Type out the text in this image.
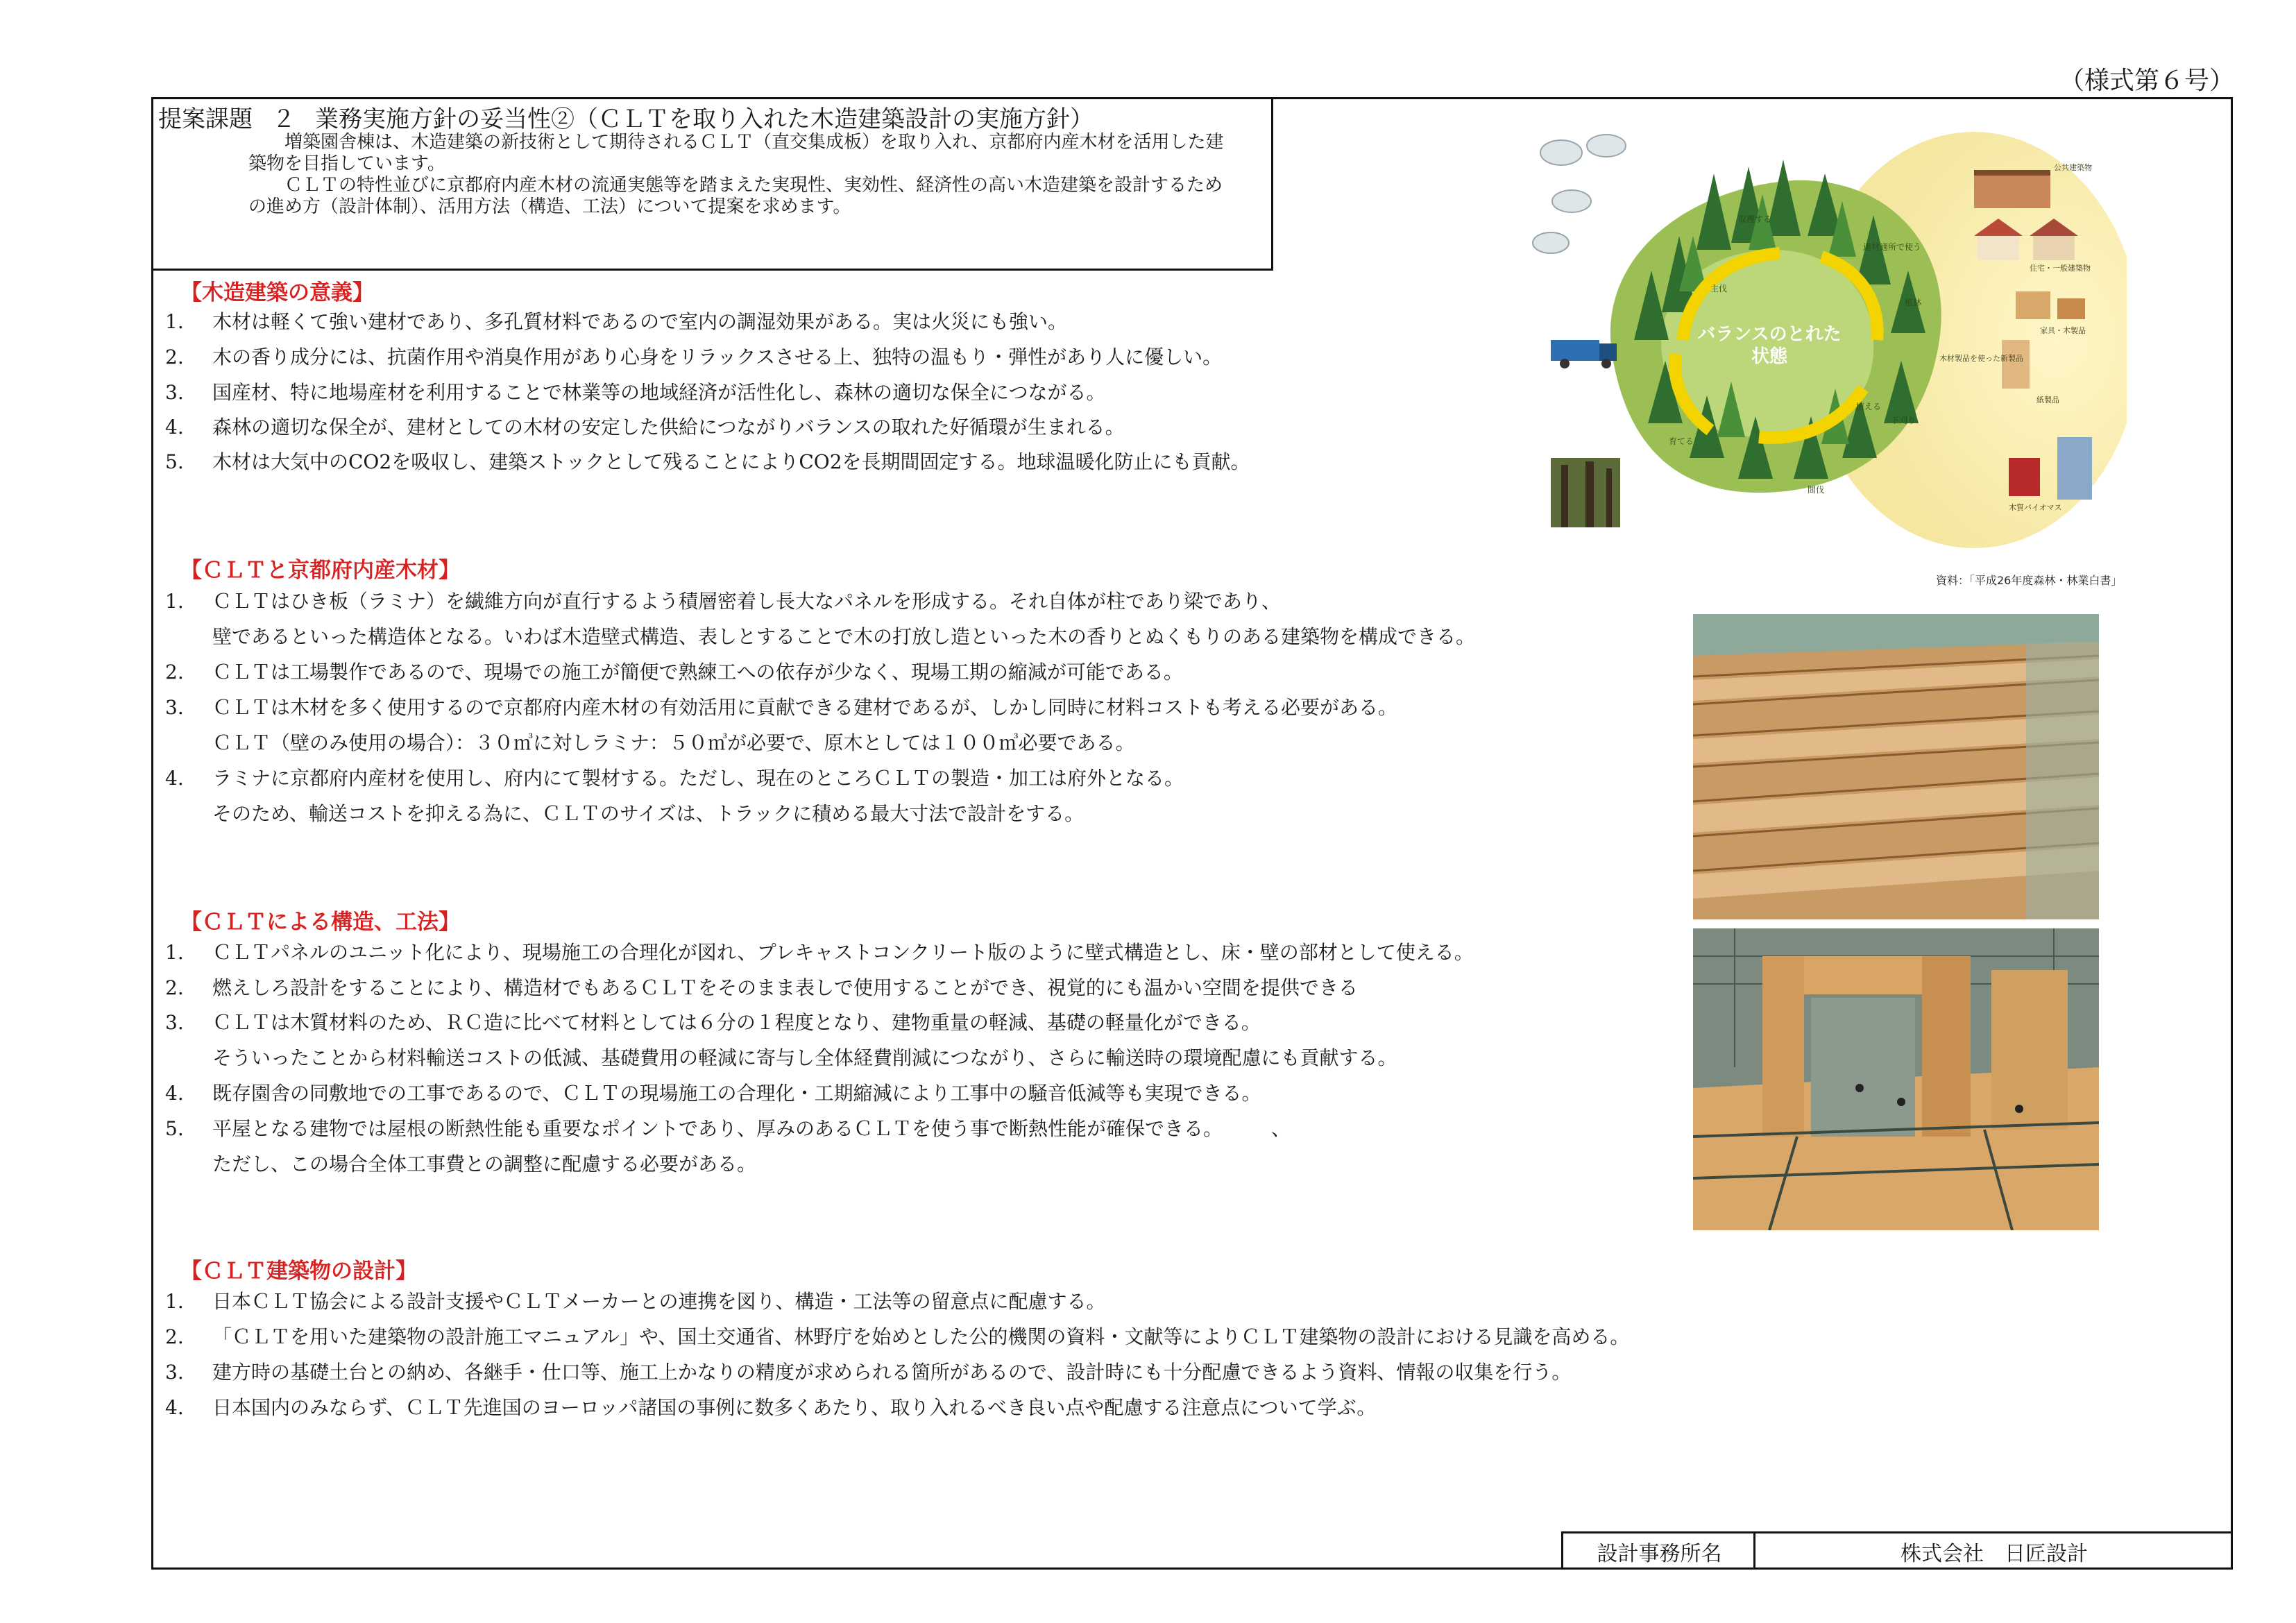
（様式第６号）
提案課題 ２ 業務実施方針の妥当性②（ＣＬＴを取り入れた木造建築設計の実施方針）

増築園舎棟は、木造建築の新技術として期待されるＣＬＴ（直交集成板）を取り入れ、京都府内産木材を活用した建築物を目指しています。

ＣＬＴの特性並びに京都府内産木材の流通実態等を踏まえた実現性、実効性、経済性の高い木造建築を設計するための進め方（設計体制）、活用方法（構造、工法）について提案を求めます。

【木造建築の意義】
1. 木材は軽くて強い建材であり、多孔質材料であるので室内の調湿効果がある。実は火災にも強い。
2. 木の香り成分には、抗菌作用や消臭作用があり心身をリラックスさせる上、独特の温もり・弾性があり人に優しい。
3. 国産材、特に地場産材を利用することで林業等の地域経済が活性化し、森林の適切な保全につながる。
4. 森林の適切な保全が、建材としての木材の安定した供給につながりバランスの取れた好循環が生まれる。
5. 木材は大気中のCO2を吸収し、建築ストックとして残ることによりCO2を長期間固定する。地球温暖化防止にも貢献。
【ＣＬＴと京都府内産木材】
1. ＣＬＴはひき板（ラミナ）を繊維方向が直行するよう積層密着し長大なパネルを形成する。それ自体が柱であり梁であり、
壁であるといった構造体となる。いわば木造壁式構造、表しとすることで木の打放し造といった木の香りとぬくもりのある建築物を構成できる。
2. ＣＬＴは工場製作であるので、現場での施工が簡便で熟練工への依存が少なく、現場工期の縮減が可能である。
3. ＣＬＴは木材を多く使用するので京都府内産木材の有効活用に貢献できる建材であるが、しかし同時に材料コストも考える必要がある。
ＣＬＴ（壁のみ使用の場合）：３０㎥に対しラミナ：５０㎥が必要で、原木としては１００㎥必要である。
4. ラミナに京都府内産材を使用し、府内にて製材する。ただし、現在のところＣＬＴの製造・加工は府外となる。
そのため、輸送コストを抑える為に、ＣＬＴのサイズは、トラックに積める最大寸法で設計をする。
【ＣＬＴによる構造、工法】
1. ＣＬＴパネルのユニット化により、現場施工の合理化が図れ、プレキャストコンクリート版のように壁式構造とし、床・壁の部材として使える。
2. 燃えしろ設計をすることにより、構造材でもあるＣＬＴをそのまま表しで使用することができ、視覚的にも温かい空間を提供できる
3. ＣＬＴは木質材料のため、ＲＣ造に比べて材料としては６分の１程度となり、建物重量の軽減、基礎の軽量化ができる。
そういったことから材料輸送コストの低減、基礎費用の軽減に寄与し全体経費削減につながり、さらに輸送時の環境配慮にも貢献する。
4. 既存園舎の同敷地での工事であるので、ＣＬＴの現場施工の合理化・工期縮減により工事中の騒音低減等も実現できる。
5. 平屋となる建物では屋根の断熱性能も重要なポイントであり、厚みのあるＣＬＴを使う事で断熱性能が確保できる。　　　、
ただし、この場合全体工事費との調整に配慮する必要がある。
【ＣＬＴ建築物の設計】
1. 日本ＣＬＴ協会による設計支援やＣＬＴメーカーとの連携を図り、構造・工法等の留意点に配慮する。
2. 「ＣＬＴを用いた建築物の設計施工マニュアル」や、国土交通省、林野庁を始めとした公的機関の資料・文献等によりＣＬＴ建築物の設計における見識を高める。
3. 建方時の基礎土台との納め、各継手・仕口等、施工上かなりの精度が求められる箇所があるので、設計時にも十分配慮できるよう資料、情報の収集を行う。
4. 日本国内のみならず、ＣＬＴ先進国のヨーロッパ諸国の事例に数多くあたり、取り入れるべき良い点や配慮する注意点について学ぶ。
バランスのとれた
状態
収穫する
適材適所で使う
植林
下刈り
間伐
育てる
植える
主伐
公共建築物
住宅・一般建築物
家具・木製品
木質バイオマス
紙製品
木材製品を使った新製品
資料：「平成26年度森林・林業白書」
設計事務所名	株式会社　日匠設計
